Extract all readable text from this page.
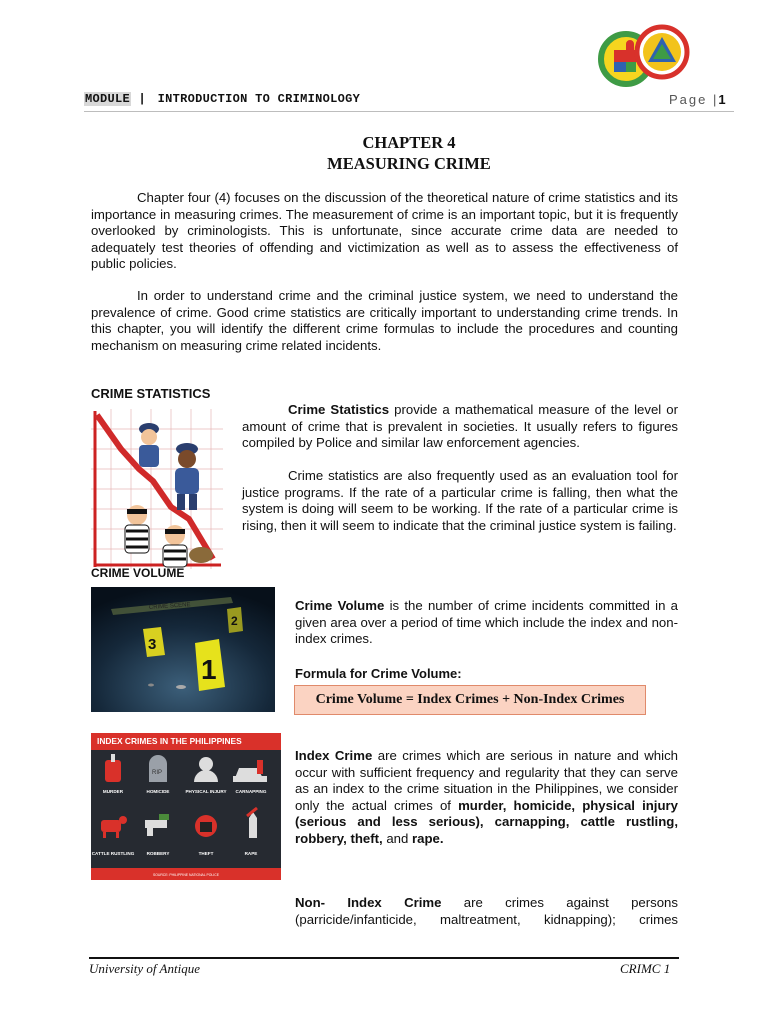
MODULE | INTRODUCTION TO CRIMINOLOGY	Page |1
CHAPTER 4
MEASURING CRIME

Chapter four (4) focuses on the discussion of the theoretical nature of crime statistics and its importance in measuring crimes. The measurement of crime is an important topic, but it is frequently overlooked by criminologists. This is unfortunate, since accurate crime data are needed to adequately test theories of offending and victimization as well as to assess the effectiveness of public policies.

In order to understand crime and the criminal justice system, we need to understand the prevalence of crime. Good crime statistics are critically important to understanding crime trends. In this chapter, you will identify the different crime formulas to include the procedures and counting mechanism on measuring crime related incidents.

CRIME STATISTICS

Crime Statistics provide a mathematical measure of the level or amount of crime that is prevalent in societies. It usually refers to figures compiled by Police and similar law enforcement agencies.

Crime statistics are also frequently used as an evaluation tool for justice programs. If the rate of a particular crime is falling, then what the system is doing will seem to be working. If the rate of a particular crime is rising, then it will seem to indicate that the criminal justice system is failing.

CRIME VOLUME
CRIME SCENE
3
1
2

Crime Volume is the number of crime incidents committed in a given area over a period of time which include the index and non-index crimes.

Formula for Crime Volume:
Crime Volume = Index Crimes + Non-Index Crimes
INDEX CRIMES IN THE PHILIPPINES
RIP
MURDER	HOMICIDE	PHYSICAL INJURY CARNAPPING
CATTLE RUSTLING	ROBBERY	THEFT	RAPE
SOURCE: PHILIPPINE NATIONAL POLICE

Index Crime are crimes which are serious in nature and which occur with sufficient frequency and regularity that they can serve as an index to the crime situation in the Philippines, we consider only the actual crimes of murder, homicide, physical injury (serious and less serious), carnapping, cattle rustling, robbery, theft, and rape.

Non- Index Crime are crimes against persons (parricide/infanticide, maltreatment, kidnapping); crimes

University of Antique	CRIMC 1
